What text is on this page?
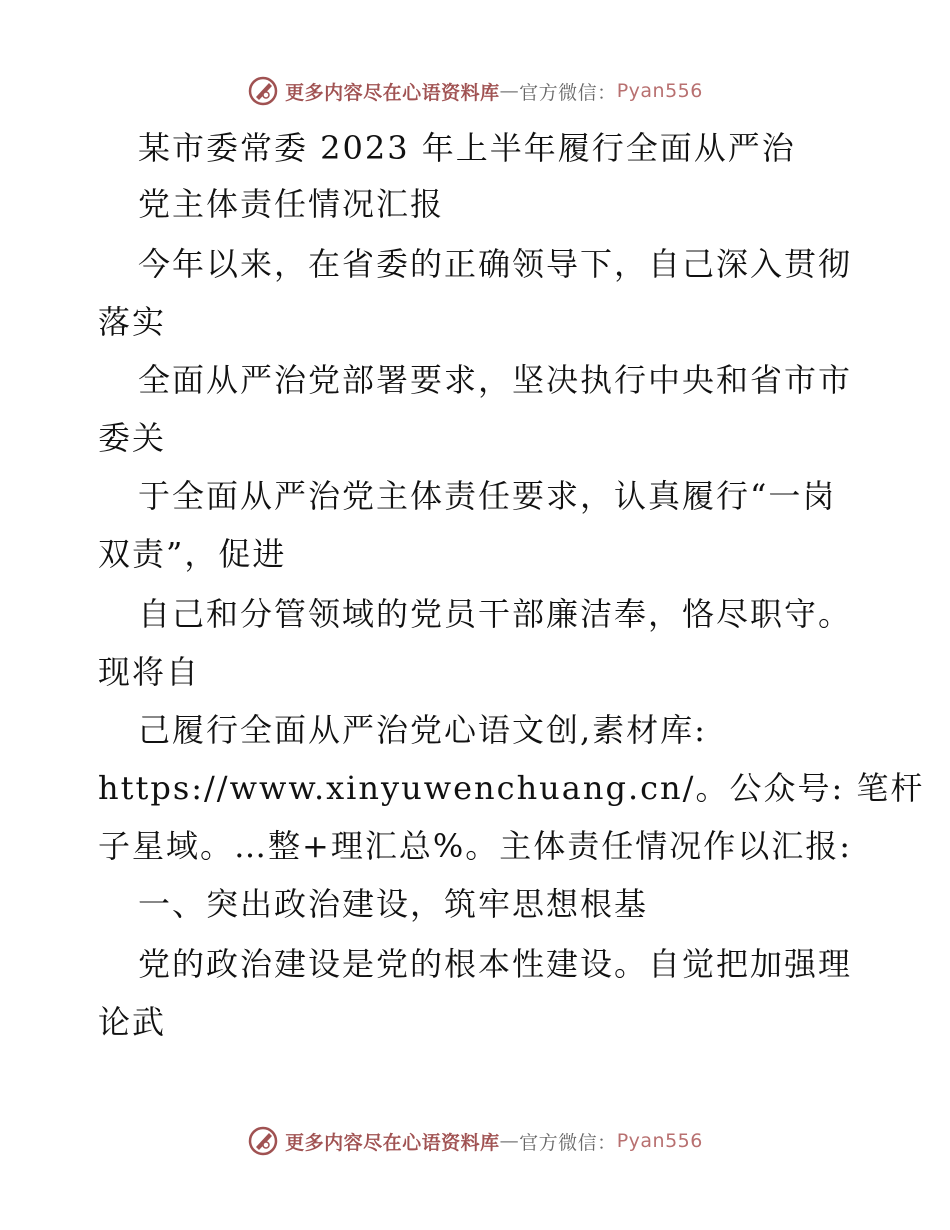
更多内容尽在心语资料库 — 官方微信： Pyan556
某市委常委 2023 年上半年履行全面从严治
党主体责任情况汇报
今年以来，在省委的正确领导下，自己深入贯彻
落实
全面从严治党部署要求，坚决执行中央和省市市
委关
于全面从严治党主体责任要求，认真履行“一岗
双责”，促进
自己和分管领域的党员干部廉洁奉，恪尽职守。
现将自
己履行全面从严治党心语文创,素材库:
https://www.xinyuwenchuang.cn/。公众号: 笔杆
子星域。…整+理汇总%。主体责任情况作以汇报:
一、突出政治建设，筑牢思想根基
党的政治建设是党的根本性建设。自觉把加强理
论武
更多内容尽在心语资料库 — 官方微信： Pyan556
